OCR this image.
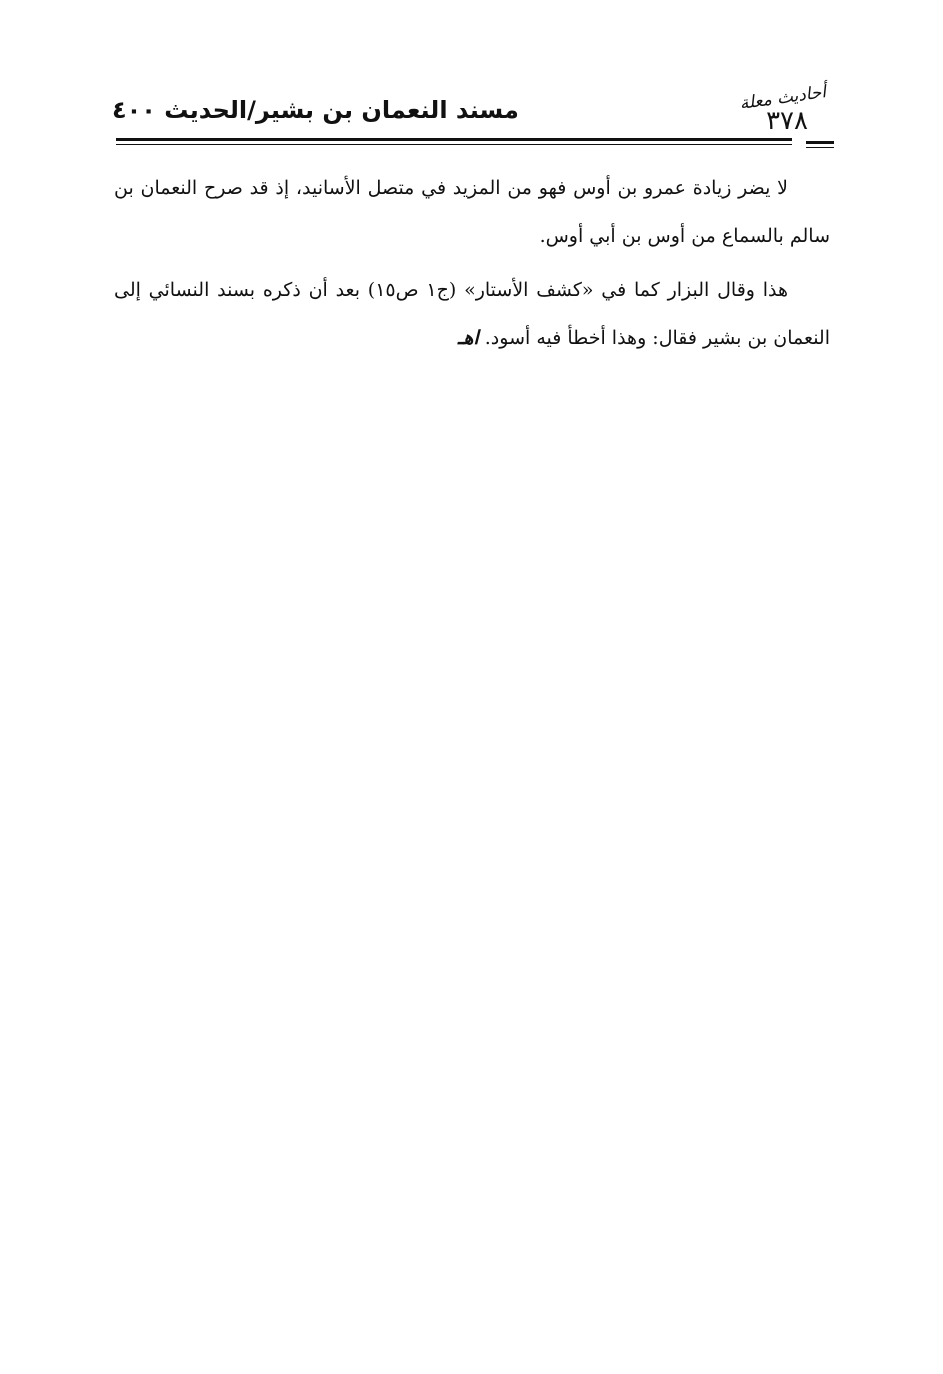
مسند النعمان بن بشير/الحديث ٤٠٠	أحاديث معلة
٣٧٨

لا يضر زيادة عمرو بن أوس فهو من المزيد في متصل الأسانيد، إذ قد صرح النعمان بن سالم بالسماع من أوس بن أبي أوس.

هذا وقال البزار كما في «كشف الأستار» (ج١ ص١٥) بعد أن ذكره بسند النسائي إلى النعمان بن بشير فقال: وهذا أخطأ فيه أسود. اهـ
